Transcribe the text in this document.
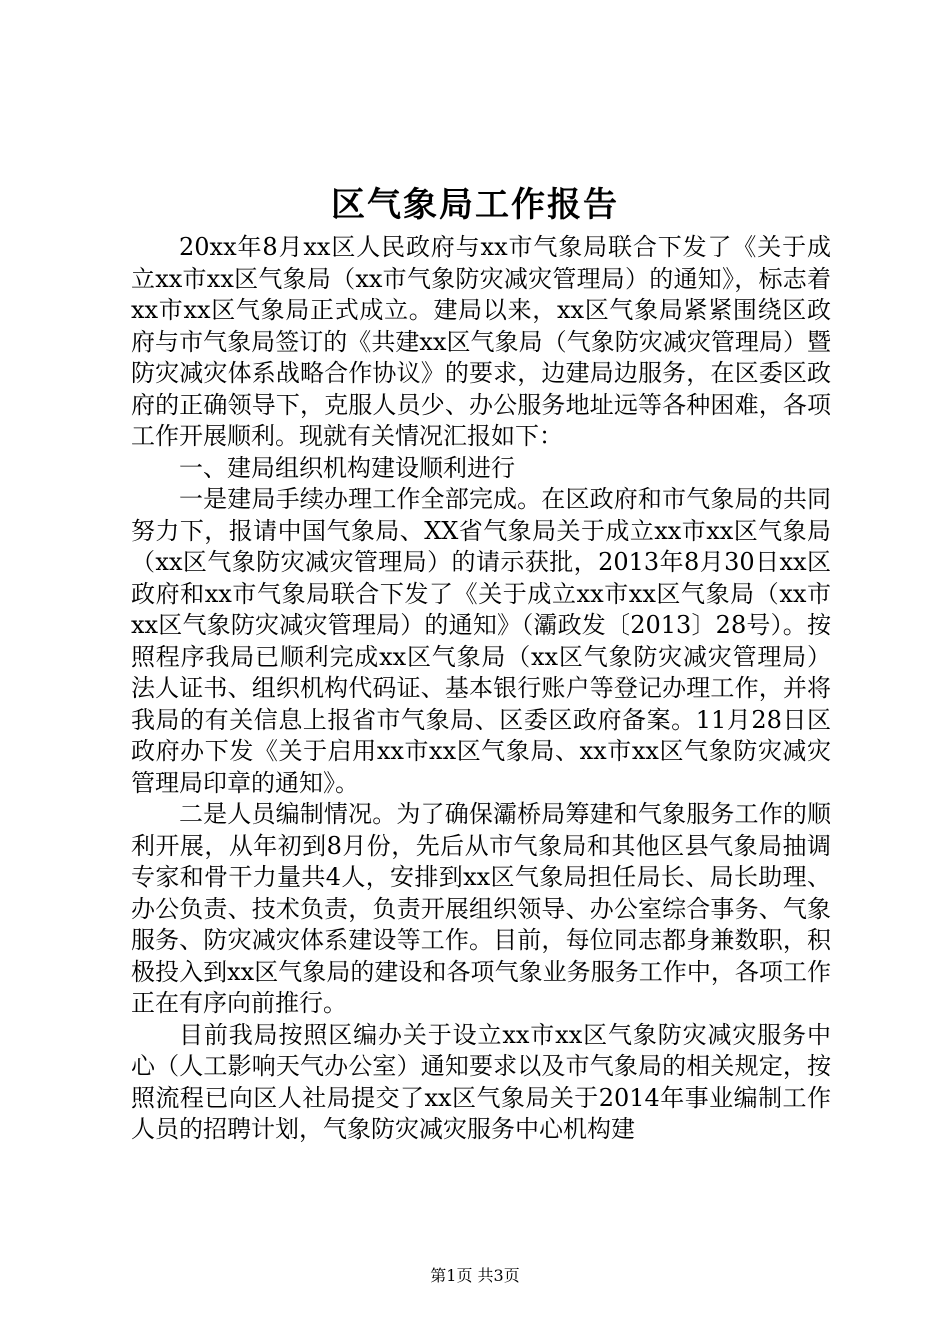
区气象局工作报告

20xx年8月xx区人民政府与xx市气象局联合下发了《关于成立xx市xx区气象局（xx市气象防灾减灾管理局）的通知》，标志着xx市xx区气象局正式成立。建局以来，xx区气象局紧紧围绕区政府与市气象局签订的《共建xx区气象局（气象防灾减灾管理局）暨防灾减灾体系战略合作协议》的要求，边建局边服务，在区委区政府的正确领导下，克服人员少、办公服务地址远等各种困难，各项工作开展顺利。现就有关情况汇报如下：

一、建局组织机构建设顺利进行

一是建局手续办理工作全部完成。在区政府和市气象局的共同努力下，报请中国气象局、XX省气象局关于成立xx市xx区气象局（xx区气象防灾减灾管理局）的请示获批，2013年8月30日xx区政府和xx市气象局联合下发了《关于成立xx市xx区气象局（xx市xx区气象防灾减灾管理局）的通知》（灞政发〔2013〕28号）。按照程序我局已顺利完成xx区气象局（xx区气象防灾减灾管理局）法人证书、组织机构代码证、基本银行账户等登记办理工作，并将我局的有关信息上报省市气象局、区委区政府备案。11月28日区政府办下发《关于启用xx市xx区气象局、xx市xx区气象防灾减灾管理局印章的通知》。

二是人员编制情况。为了确保灞桥局筹建和气象服务工作的顺利开展，从年初到8月份，先后从市气象局和其他区县气象局抽调专家和骨干力量共4人，安排到xx区气象局担任局长、局长助理、办公负责、技术负责，负责开展组织领导、办公室综合事务、气象服务、防灾减灾体系建设等工作。目前，每位同志都身兼数职，积极投入到xx区气象局的建设和各项气象业务服务工作中，各项工作正在有序向前推行。

目前我局按照区编办关于设立xx市xx区气象防灾减灾服务中心（人工影响天气办公室）通知要求以及市气象局的相关规定，按照流程已向区人社局提交了xx区气象局关于2014年事业编制工作人员的招聘计划，气象防灾减灾服务中心机构建

第1页 共3页
